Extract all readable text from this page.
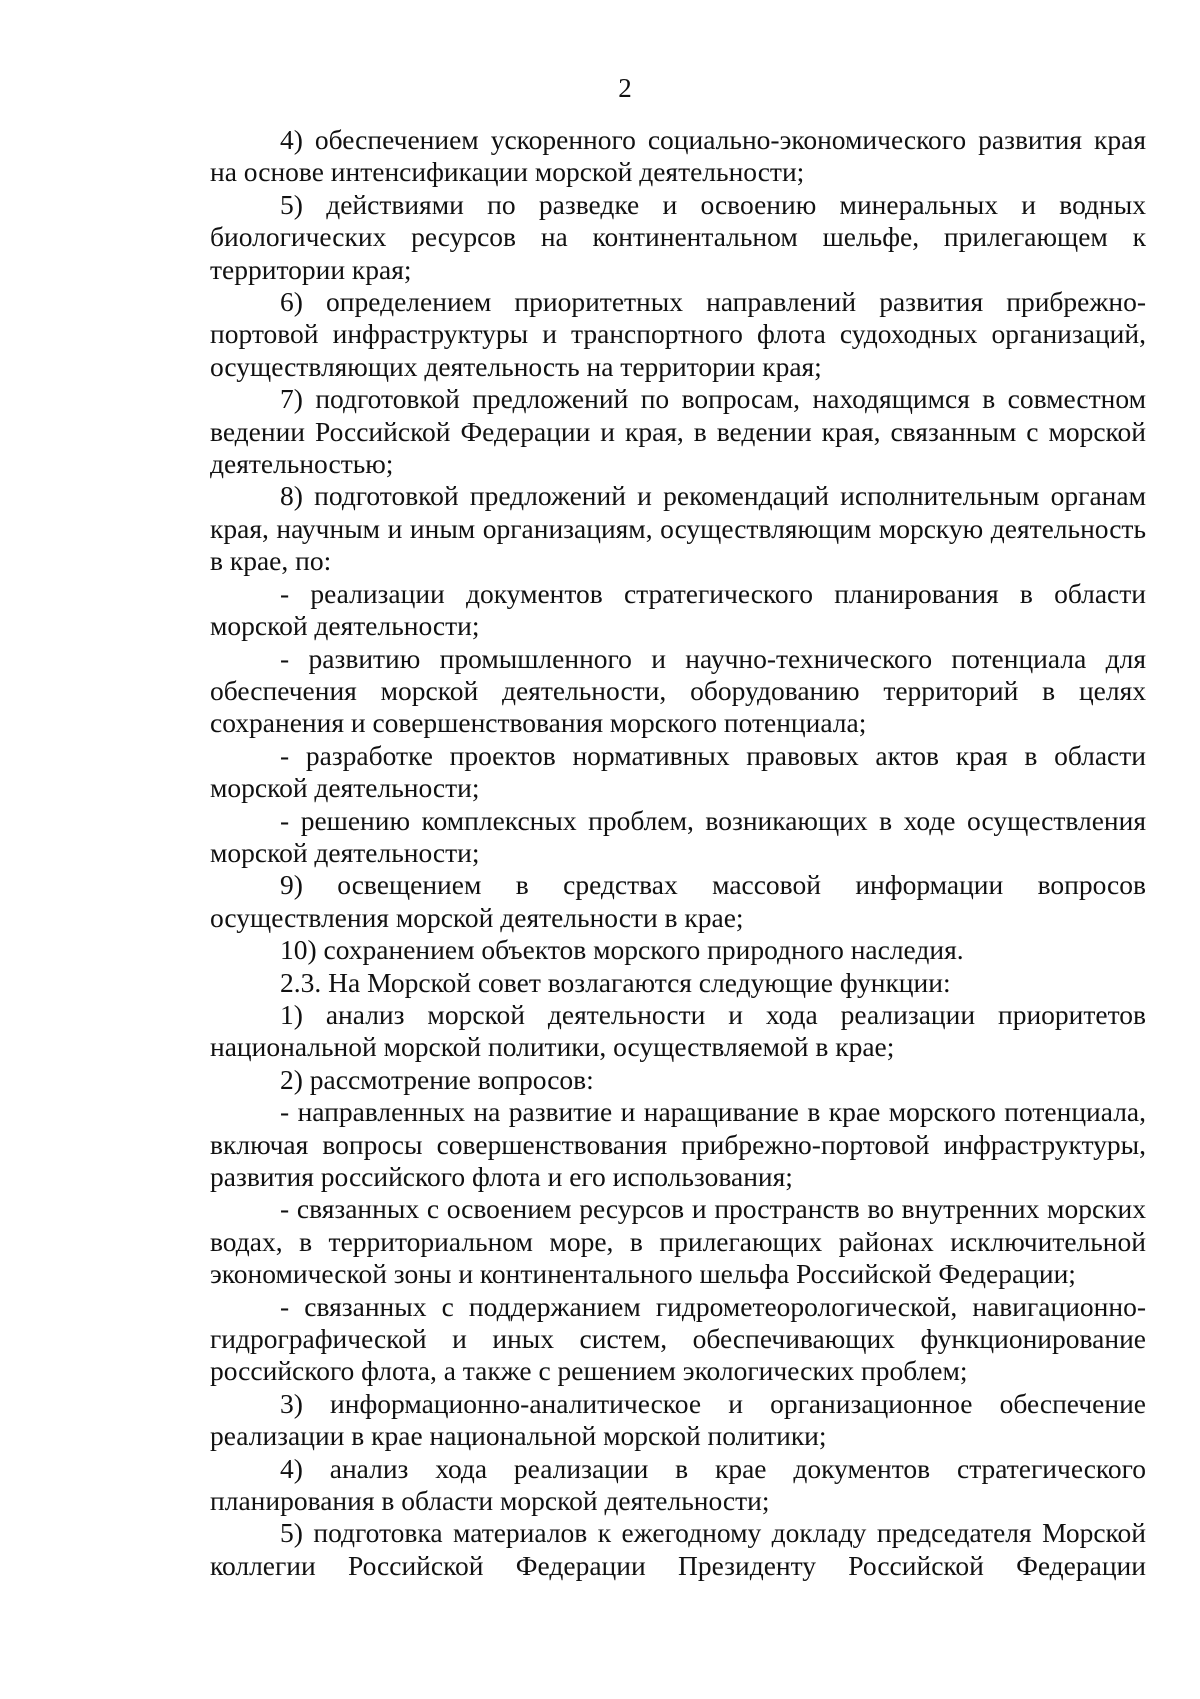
2

4) обеспечением ускоренного социально-экономического развития края на основе интенсификации морской деятельности;

5) действиями по разведке и освоению минеральных и водных биологических ресурсов на континентальном шельфе, прилегающем к территории края;

6) определением приоритетных направлений развития прибрежно-портовой инфраструктуры и транспортного флота судоходных организаций, осуществляющих деятельность на территории края;

7) подготовкой предложений по вопросам, находящимся в совместном ведении Российской Федерации и края, в ведении края, связанным с морской деятельностью;

8) подготовкой предложений и рекомендаций исполнительным органам края, научным и иным организациям, осуществляющим морскую деятельность в крае, по:

- реализации документов стратегического планирования в области морской деятельности;

- развитию промышленного и научно-технического потенциала для обеспечения морской деятельности, оборудованию территорий в целях сохранения и совершенствования морского потенциала;

- разработке проектов нормативных правовых актов края в области морской деятельности;

- решению комплексных проблем, возникающих в ходе осуществления морской деятельности;

9) освещением в средствах массовой информации вопросов осуществления морской деятельности в крае;

10) сохранением объектов морского природного наследия.

2.3. На Морской совет возлагаются следующие функции:

1) анализ морской деятельности и хода реализации приоритетов национальной морской политики, осуществляемой в крае;

2) рассмотрение вопросов:

- направленных на развитие и наращивание в крае морского потенциала, включая вопросы совершенствования прибрежно-портовой инфраструктуры, развития российского флота и его использования;

- связанных с освоением ресурсов и пространств во внутренних морских водах, в территориальном море, в прилегающих районах исключительной экономической зоны и континентального шельфа Российской Федерации;

- связанных с поддержанием гидрометеорологической, навигационно-гидрографической и иных систем, обеспечивающих функционирование российского флота, а также с решением экологических проблем;

3) информационно-аналитическое и организационное обеспечение реализации в крае национальной морской политики;

4) анализ хода реализации в крае документов стратегического планирования в области морской деятельности;

5) подготовка материалов к ежегодному докладу председателя Морской коллегии Российской Федерации Президенту Российской Федерации
